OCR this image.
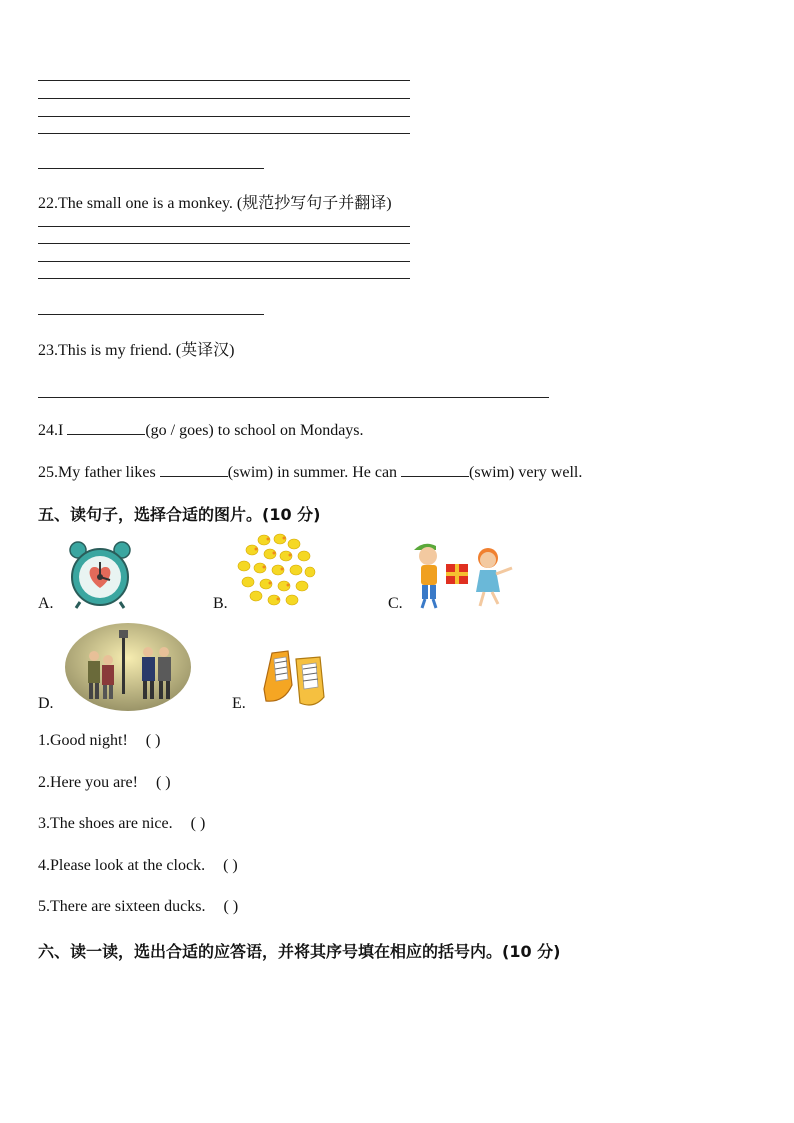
22.The small one is a monkey. (规范抄写句子并翻译)
23.This is my friend. (英译汉)
24.I	(go / goes) to school on Mondays.
25.My father likes	(swim) in summer. He can	(swim) very well.
五、读句子，选择合适的图片。(10 分)
A.	B.	C.
D.	E.
1.Good night! ( )
2.Here you are! ( )
3.The shoes are nice. ( )
4.Please look at the clock. ( )
5.There are sixteen ducks. ( )
六、读一读，选出合适的应答语，并将其序号填在相应的括号内。(10 分)
